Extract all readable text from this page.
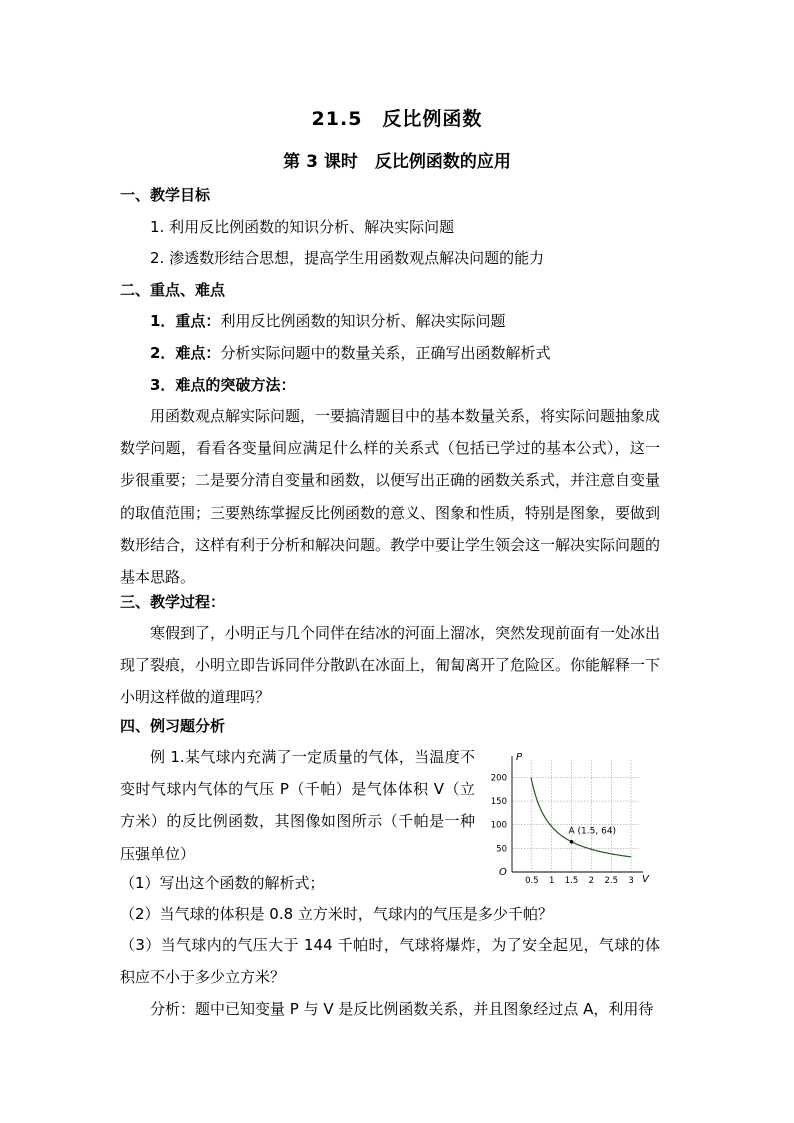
21.5　反比例函数
第 3 课时　反比例函数的应用
一、教学目标
1. 利用反比例函数的知识分析、解决实际问题
2. 渗透数形结合思想，提高学生用函数观点解决问题的能力
二、重点、难点
1．重点：利用反比例函数的知识分析、解决实际问题
2．难点：分析实际问题中的数量关系，正确写出函数解析式
3．难点的突破方法：
用函数观点解实际问题，一要搞清题目中的基本数量关系，将实际问题抽象成数学问题，看看各变量间应满足什么样的关系式（包括已学过的基本公式），这一步很重要；二是要分清自变量和函数，以便写出正确的函数关系式，并注意自变量的取值范围；三要熟练掌握反比例函数的意义、图象和性质，特别是图象，要做到数形结合，这样有利于分析和解决问题。教学中要让学生领会这一解决实际问题的基本思路。
三、教学过程：
寒假到了，小明正与几个同伴在结冰的河面上溜冰，突然发现前面有一处冰出现了裂痕，小明立即告诉同伴分散趴在冰面上，匍匐离开了危险区。你能解释一下小明这样做的道理吗？
四、例习题分析
例 1.某气球内充满了一定质量的气体，当温度不变时气球内气体的气压 P（千帕）是气体体积 V（立方米）的反比例函数，其图像如图所示（千帕是一种压强单位）
P
V
O
0.5 1 1.5 2 2.5 3
50
100
150
200
A (1.5, 64)
（1）写出这个函数的解析式；
（2）当气球的体积是 0.8 立方米时，气球内的气压是多少千帕？
（3）当气球内的气压大于 144 千帕时，气球将爆炸，为了安全起见，气球的体积应不小于多少立方米？
分析：题中已知变量 P 与 V 是反比例函数关系，并且图象经过点 A，利用待
